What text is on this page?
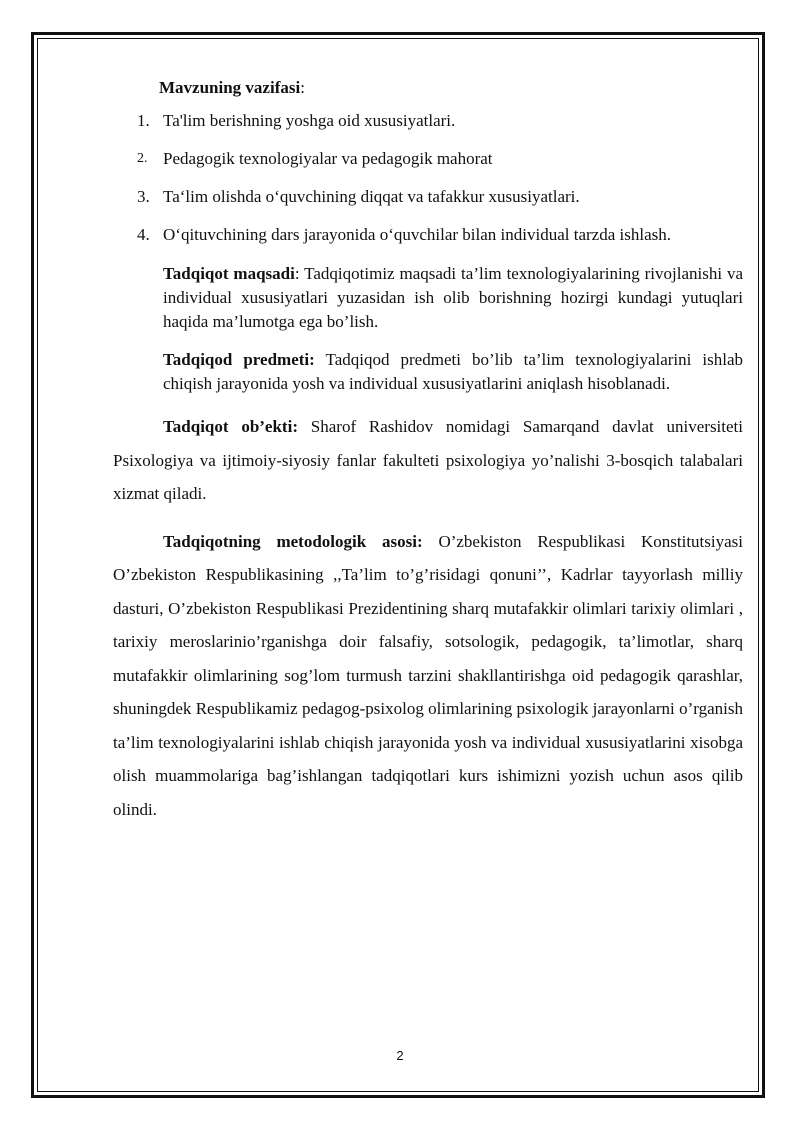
Mavzuning vazifasi:

1. Ta'lim berishning yoshga oid xususiyatlari.
2. Pedagogik texnologiyalar va pedagogik mahorat
3. Ta‘lim olishda o‘quvchining diqqat va tafakkur xususiyatlari.
4. O‘qituvchining dars jarayonida o‘quvchilar bilan individual tarzda ishlash.
Tadqiqot maqsadi: Tadqiqotimiz maqsadi ta’lim texnologiyalarining rivojlanishi va individual xususiyatlari yuzasidan ish olib borishning hozirgi kundagi yutuqlari haqida ma’lumotga ega bo’lish.
Tadqiqod predmeti: Tadqiqod predmeti bo’lib ta’lim texnologiyalarini ishlab chiqish jarayonida yosh va individual xususiyatlarini aniqlash hisoblanadi.

Tadqiqot ob’ekti: Sharof Rashidov nomidagi Samarqand davlat universiteti Psixologiya va ijtimoiy-siyosiy fanlar fakulteti psixologiya yo’nalishi 3-bosqich talabalari xizmat qiladi.

Tadqiqotning metodologik asosi: O’zbekiston Respublikasi Konstitutsiyasi O’zbekiston Respublikasining ,,Ta’lim to’g’risidagi qonuni’’, Kadrlar tayyorlash milliy dasturi, O’zbekiston Respublikasi Prezidentining sharq mutafakkir olimlari tarixiy olimlari , tarixiy meroslarinio’rganishga doir falsafiy, sotsologik, pedagogik, ta’limotlar, sharq mutafakkir olimlarining sog’lom turmush tarzini shakllantirishga oid pedagogik qarashlar, shuningdek Respublikamiz pedagog-psixolog olimlarining psixologik jarayonlarni o’rganish ta’lim texnologiyalarini ishlab chiqish jarayonida yosh va individual xususiyatlarini xisobga olish muammolariga bag’ishlangan tadqiqotlari kurs ishimizni yozish uchun asos qilib olindi.

2
